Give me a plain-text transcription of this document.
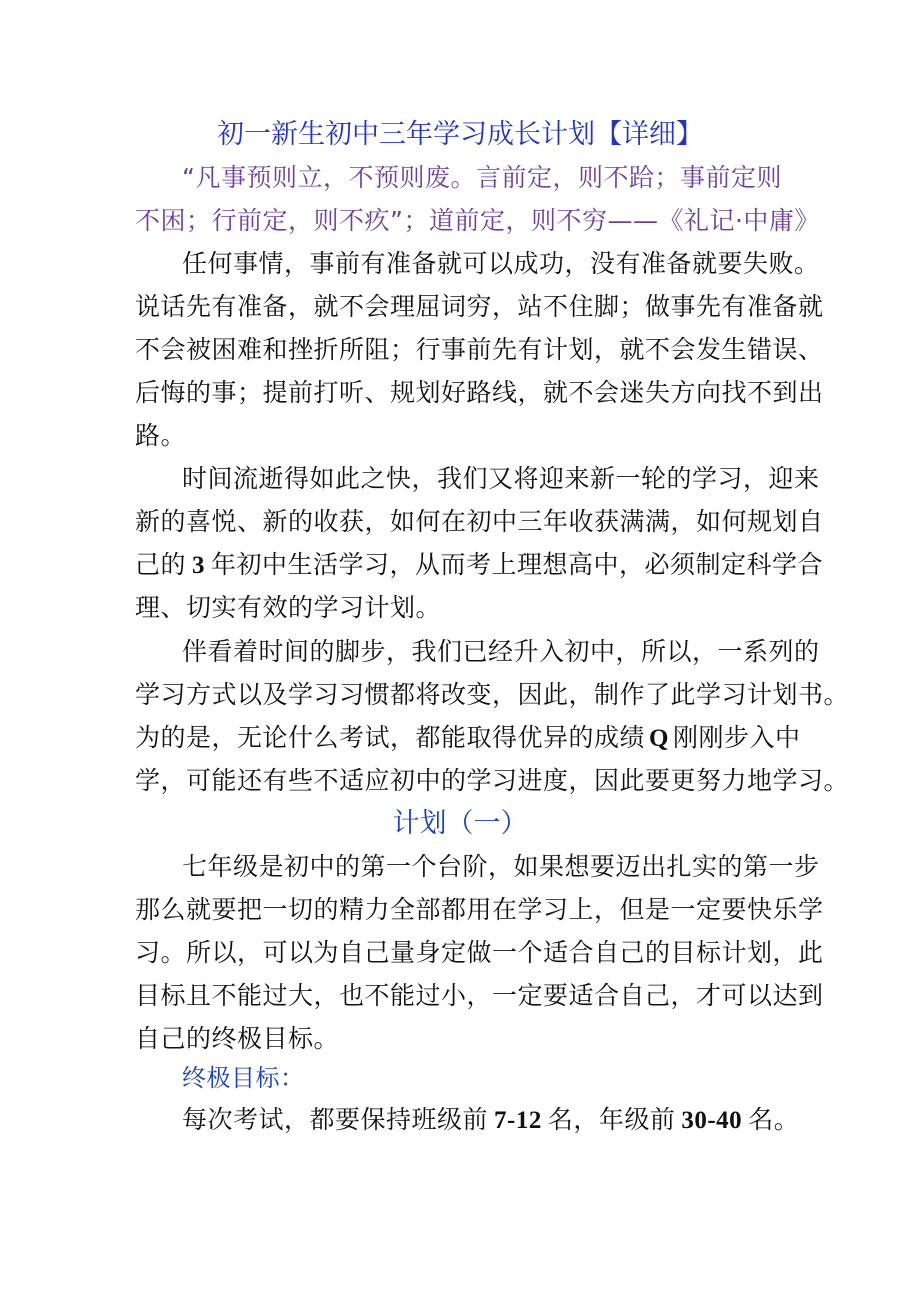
初一新生初中三年学习成长计划【详细】
“凡事预则立，不预则废。言前定，则不跲；事前定则
不困；行前定，则不疚”；道前定，则不穷——《礼记·中庸》
任何事情，事前有准备就可以成功，没有准备就要失败。
说话先有准备，就不会理屈词穷，站不住脚；做事先有准备就
不会被困难和挫折所阻；行事前先有计划，就不会发生错误、
后悔的事；提前打听、规划好路线，就不会迷失方向找不到出
路。
时间流逝得如此之快，我们又将迎来新一轮的学习，迎来
新的喜悦、新的收获，如何在初中三年收获满满，如何规划自
己的 3 年初中生活学习，从而考上理想高中，必须制定科学合
理、切实有效的学习计划。
伴看着时间的脚步，我们已经升入初中，所以，一系列的
学习方式以及学习习惯都将改变，因此，制作了此学习计划书。
为的是，无论什么考试，都能取得优异的成绩 Q 刚刚步入中
学，可能还有些不适应初中的学习进度，因此要更努力地学习。
计划（一）
七年级是初中的第一个台阶，如果想要迈出扎实的第一步
那么就要把一切的精力全部都用在学习上，但是一定要快乐学
习。所以，可以为自己量身定做一个适合自己的目标计划，此
目标且不能过大，也不能过小，一定要适合自己，才可以达到
自己的终极目标。
终极目标：
每次考试，都要保持班级前 7-12 名，年级前 30-40 名。
